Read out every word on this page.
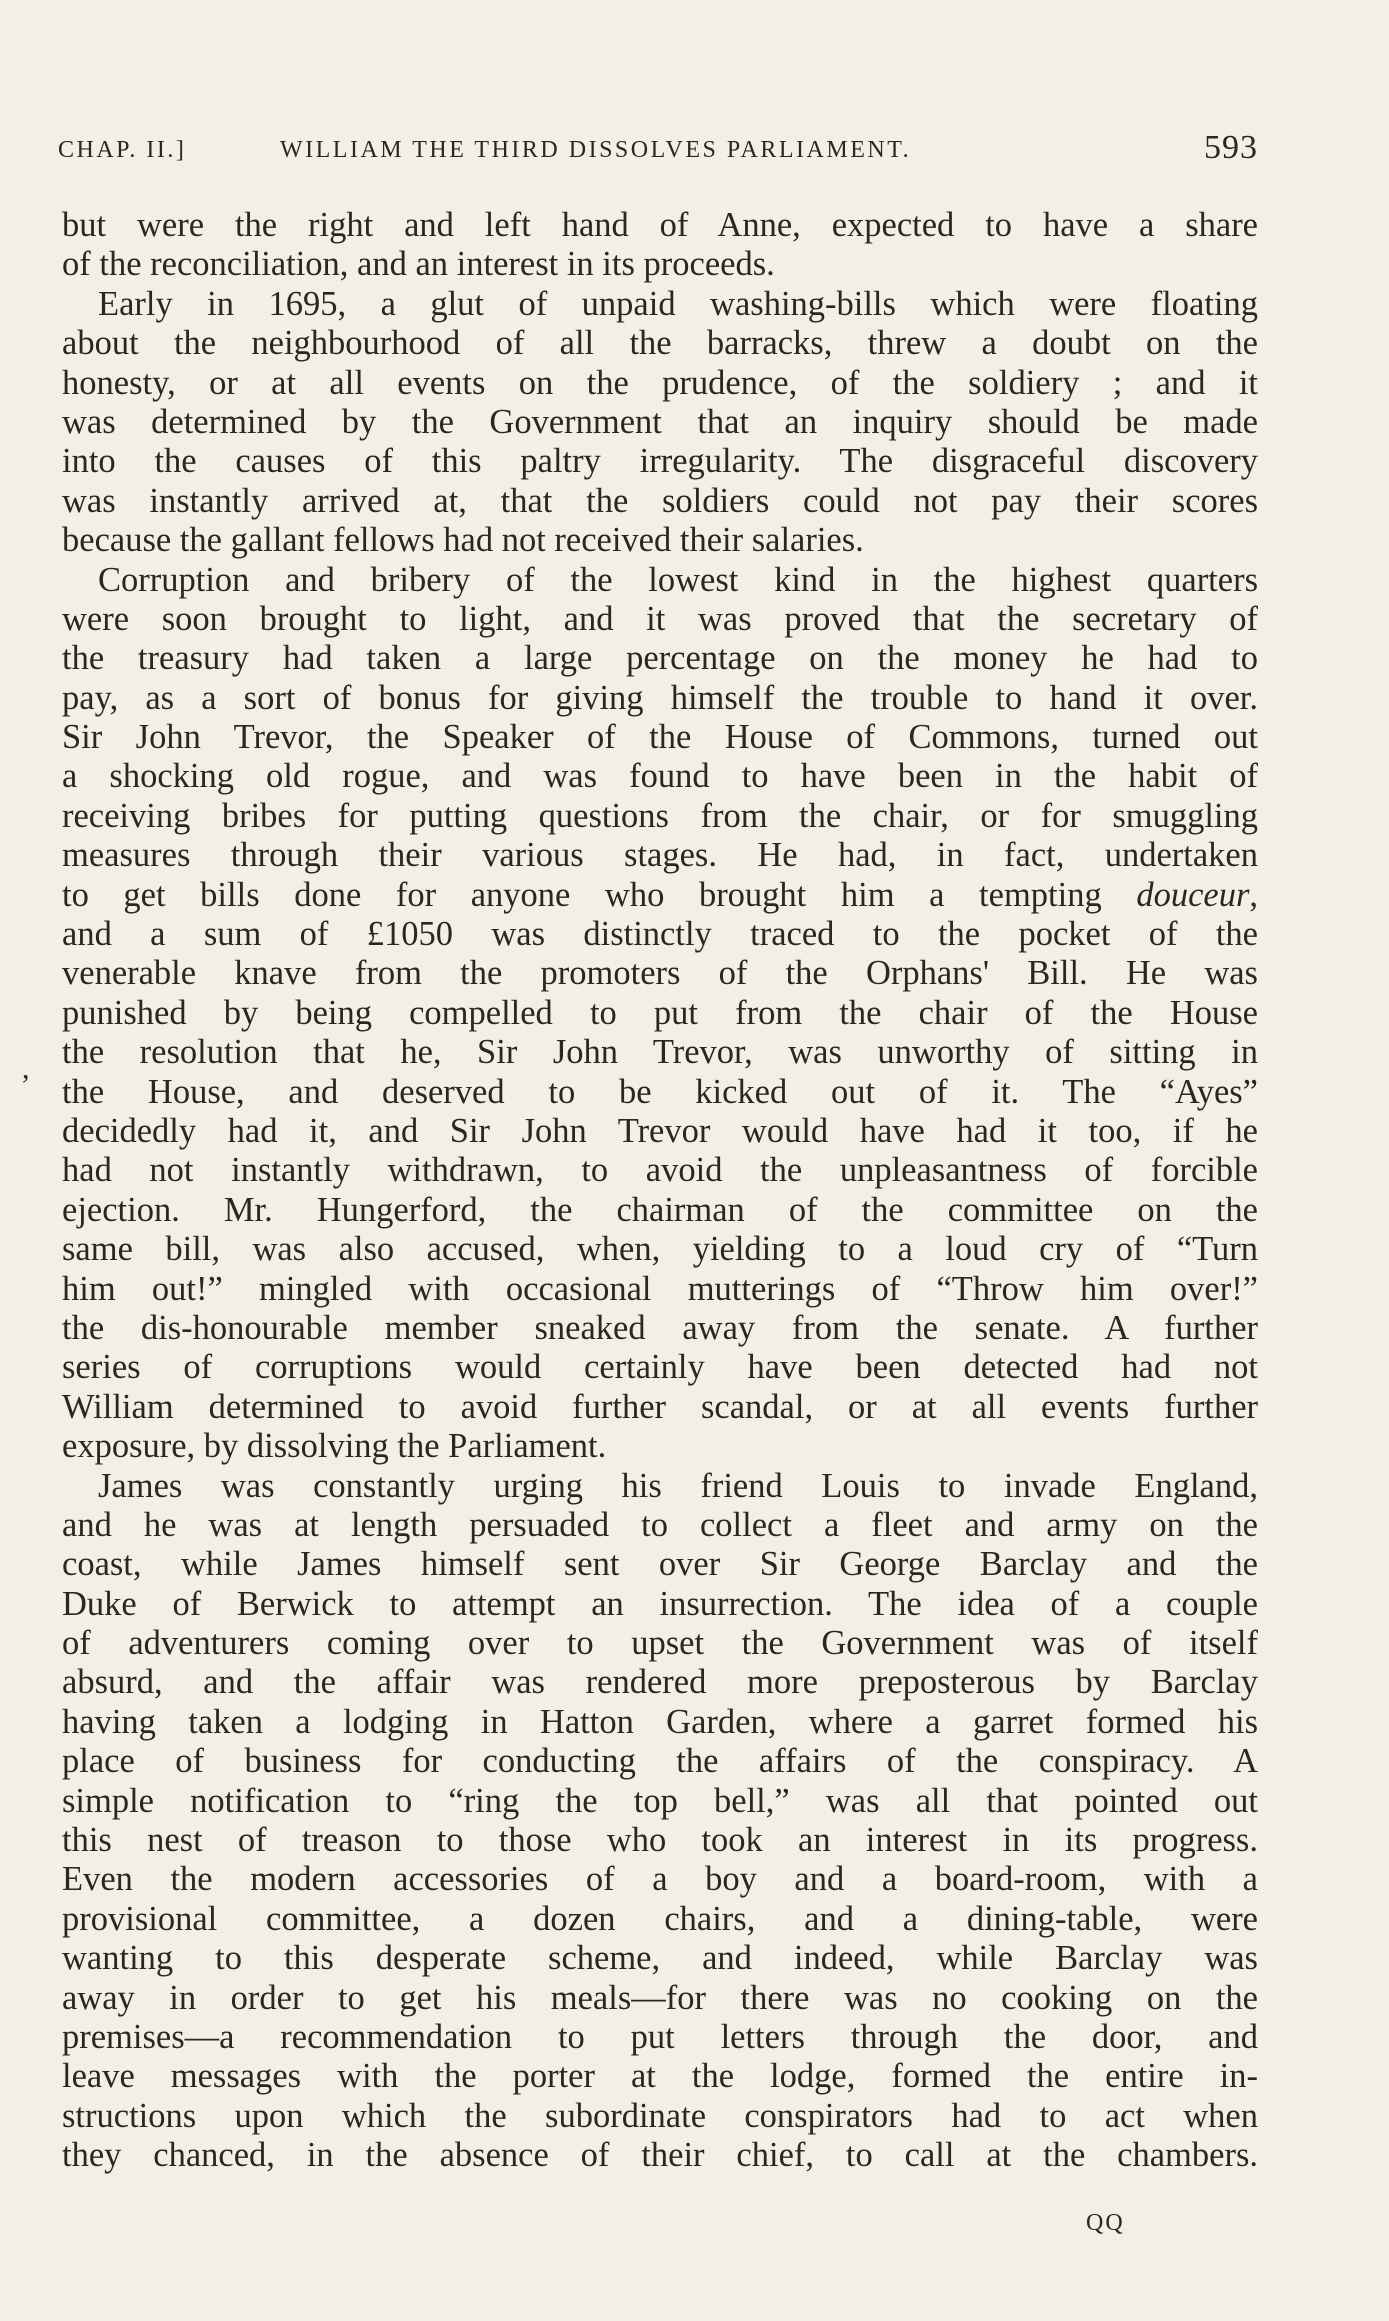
CHAP. II.]	WILLIAM THE THIRD DISSOLVES PARLIAMENT.	593
,
but were the right and left hand of Anne, expected to have a share
of the reconciliation, and an interest in its proceeds.
Early in 1695, a glut of unpaid washing-bills which were floating
about the neighbourhood of all the barracks, threw a doubt on the
honesty, or at all events on the prudence, of the soldiery ; and it
was determined by the Government that an inquiry should be made
into the causes of this paltry irregularity. The disgraceful discovery
was instantly arrived at, that the soldiers could not pay their scores
because the gallant fellows had not received their salaries.
Corruption and bribery of the lowest kind in the highest quarters
were soon brought to light, and it was proved that the secretary of
the treasury had taken a large percentage on the money he had to
pay, as a sort of bonus for giving himself the trouble to hand it over.
Sir John Trevor, the Speaker of the House of Commons, turned out
a shocking old rogue, and was found to have been in the habit of
receiving bribes for putting questions from the chair, or for smuggling
measures through their various stages. He had, in fact, undertaken
to get bills done for anyone who brought him a tempting douceur,
and a sum of £1050 was distinctly traced to the pocket of the
venerable knave from the promoters of the Orphans' Bill. He was
punished by being compelled to put from the chair of the House
the resolution that he, Sir John Trevor, was unworthy of sitting in
the House, and deserved to be kicked out of it. The “Ayes”
decidedly had it, and Sir John Trevor would have had it too, if he
had not instantly withdrawn, to avoid the unpleasantness of forcible
ejection. Mr. Hungerford, the chairman of the committee on the
same bill, was also accused, when, yielding to a loud cry of “Turn
him out!” mingled with occasional mutterings of “Throw him over!”
the dis-honourable member sneaked away from the senate. A further
series of corruptions would certainly have been detected had not
William determined to avoid further scandal, or at all events further
exposure, by dissolving the Parliament.
James was constantly urging his friend Louis to invade England,
and he was at length persuaded to collect a fleet and army on the
coast, while James himself sent over Sir George Barclay and the
Duke of Berwick to attempt an insurrection. The idea of a couple
of adventurers coming over to upset the Government was of itself
absurd, and the affair was rendered more preposterous by Barclay
having taken a lodging in Hatton Garden, where a garret formed his
place of business for conducting the affairs of the conspiracy. A
simple notification to “ring the top bell,” was all that pointed out
this nest of treason to those who took an interest in its progress.
Even the modern accessories of a boy and a board-room, with a
provisional committee, a dozen chairs, and a dining-table, were
wanting to this desperate scheme, and indeed, while Barclay was
away in order to get his meals—for there was no cooking on the
premises—a recommendation to put letters through the door, and
leave messages with the porter at the lodge, formed the entire in-
structions upon which the subordinate conspirators had to act when
they chanced, in the absence of their chief, to call at the chambers.
QQ
